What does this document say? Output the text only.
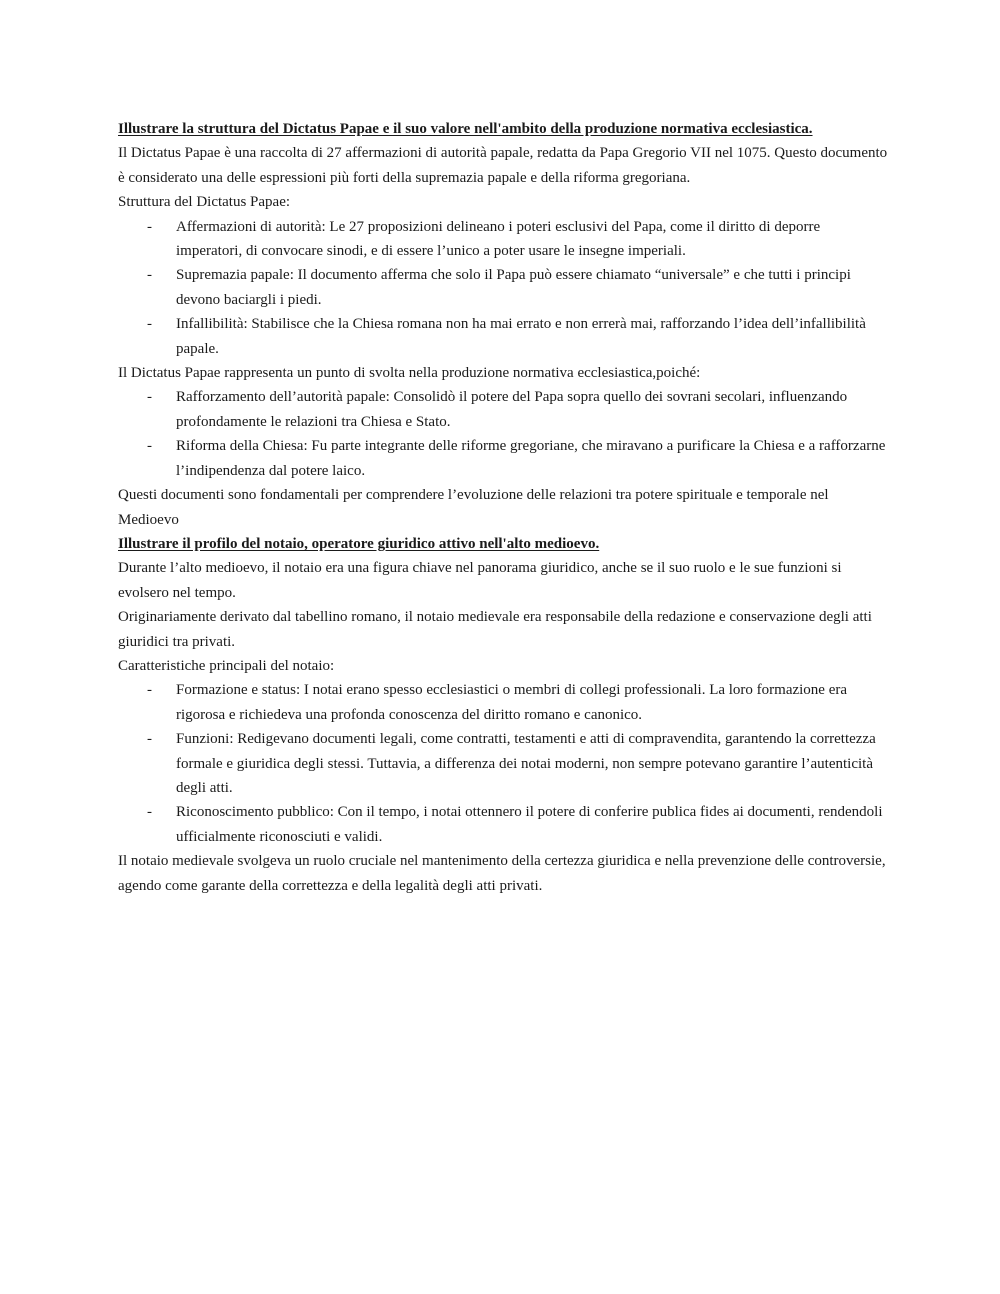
Illustrare la struttura del Dictatus Papae e il suo valore nell'ambito della produzione normativa ecclesiastica.

Il Dictatus Papae è una raccolta di 27 affermazioni di autorità papale, redatta da Papa Gregorio VII nel 1075. Questo documento è considerato una delle espressioni più forti della supremazia papale e della riforma gregoriana.

Struttura del Dictatus Papae:

- Affermazioni di autorità: Le 27 proposizioni delineano i poteri esclusivi del Papa, come il diritto di deporre imperatori, di convocare sinodi, e di essere l’unico a poter usare le insegne imperiali.
- Supremazia papale: Il documento afferma che solo il Papa può essere chiamato “universale” e che tutti i principi devono baciargli i piedi.
- Infallibilità: Stabilisce che la Chiesa romana non ha mai errato e non errerà mai, rafforzando l’idea dell’infallibilità papale.

Il Dictatus Papae rappresenta un punto di svolta nella produzione normativa ecclesiastica,poiché:

- Rafforzamento dell’autorità papale: Consolidò il potere del Papa sopra quello dei sovrani secolari, influenzando profondamente le relazioni tra Chiesa e Stato.
- Riforma della Chiesa: Fu parte integrante delle riforme gregoriane, che miravano a purificare la Chiesa e a rafforzarne l’indipendenza dal potere laico.

Questi documenti sono fondamentali per comprendere l’evoluzione delle relazioni tra potere spirituale e temporale nel Medioevo

Illustrare il profilo del notaio, operatore giuridico attivo nell'alto medioevo.

Durante l’alto medioevo, il notaio era una figura chiave nel panorama giuridico, anche se il suo ruolo e le sue funzioni si evolsero nel tempo.

Originariamente derivato dal tabellino romano, il notaio medievale era responsabile della redazione e conservazione degli atti giuridici tra privati.

Caratteristiche principali del notaio:

- Formazione e status: I notai erano spesso ecclesiastici o membri di collegi professionali. La loro formazione era rigorosa e richiedeva una profonda conoscenza del diritto romano e canonico.
- Funzioni: Redigevano documenti legali, come contratti, testamenti e atti di compravendita, garantendo la correttezza formale e giuridica degli stessi. Tuttavia, a differenza dei notai moderni, non sempre potevano garantire l’autenticità degli atti.
- Riconoscimento pubblico: Con il tempo, i notai ottennero il potere di conferire publica fides ai documenti, rendendoli ufficialmente riconosciuti e validi.

Il notaio medievale svolgeva un ruolo cruciale nel mantenimento della certezza giuridica e nella prevenzione delle controversie, agendo come garante della correttezza e della legalità degli atti privati.
